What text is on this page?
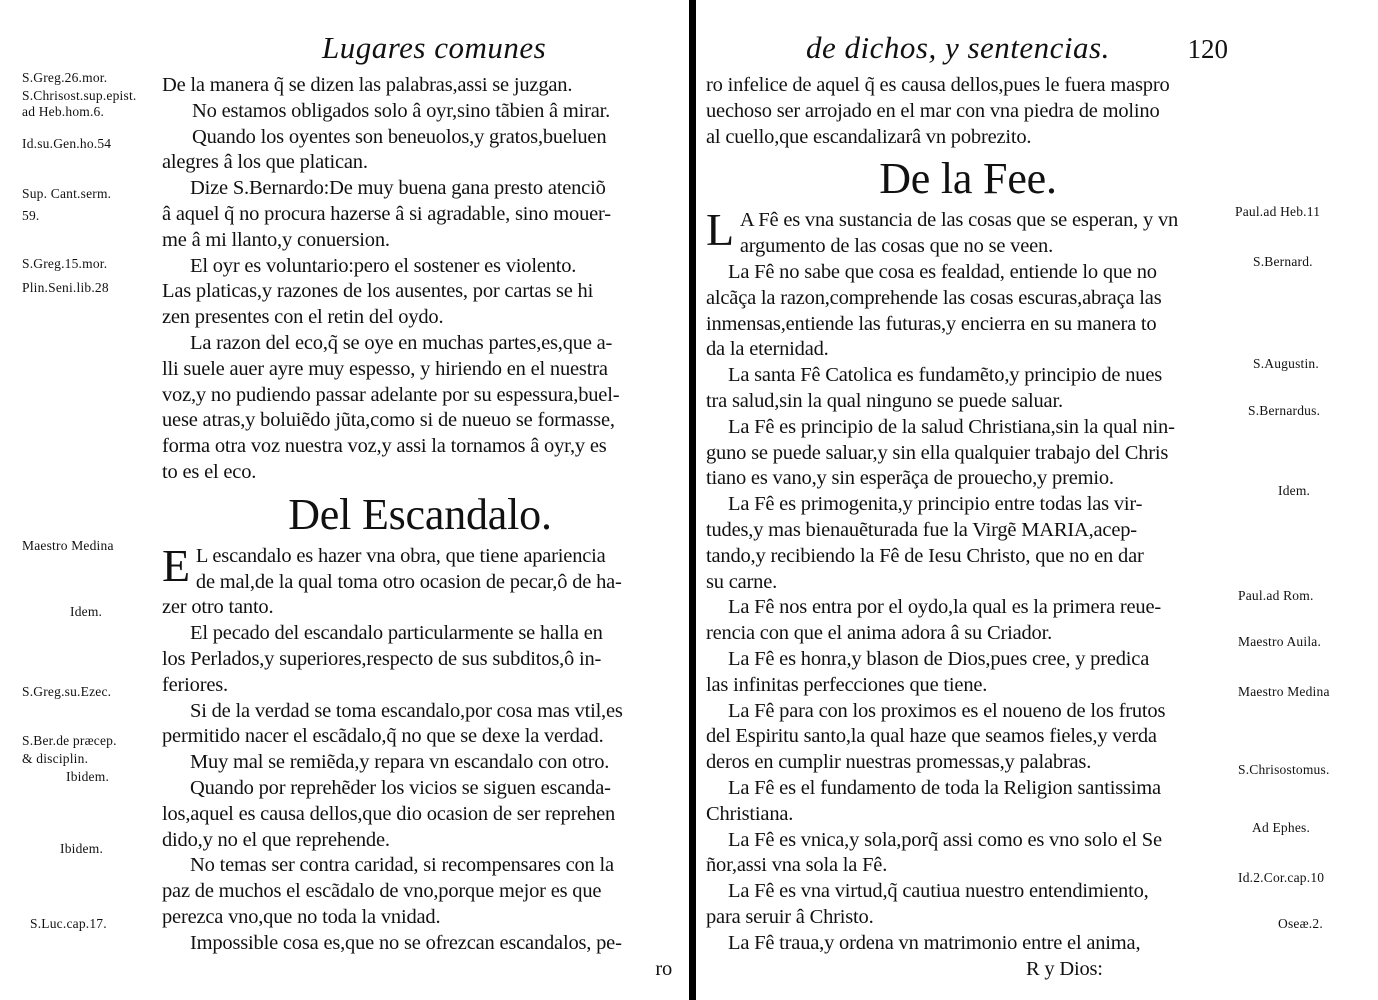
Lugares comunes
De la manera q̃ se dizen las palabras,assi se juzgan.
No estamos obligados solo â oyr,sino tãbien â mirar.
Quando los oyentes son beneuolos,y gratos,bueluen
alegres â los que platican.
Dize S.Bernardo:De muy buena gana presto atenciõ
â aquel q̃ no procura hazerse â si agradable, sino mouer-
me â mi llanto,y conuersion.
El oyr es voluntario:pero el sostener es violento.
Las platicas,y razones de los ausentes, por cartas se hi
zen presentes con el retin del oydo.
La razon del eco,q̃ se oye en muchas partes,es,que a-
lli suele auer ayre muy espesso, y hiriendo en el nuestra
voz,y no pudiendo passar adelante por su espessura,buel-
uese atras,y boluiẽdo jũta,como si de nueuo se formasse,
forma otra voz nuestra voz,y assi la tornamos â oyr,y es
to es el eco.
Del Escandalo.
E L escandalo es hazer vna obra, que tiene apariencia
de mal,de la qual toma otro ocasion de pecar,ô de ha-
zer otro tanto.
El pecado del escandalo particularmente se halla en
los Perlados,y superiores,respecto de sus subditos,ô in-
feriores.
Si de la verdad se toma escandalo,por cosa mas vtil,es
permitido nacer el escãdalo,q̃ no que se dexe la verdad.
Muy mal se remiẽda,y repara vn escandalo con otro.
Quando por reprehẽder los vicios se siguen escanda-
los,aquel es causa dellos,que dio ocasion de ser reprehen
dido,y no el que reprehende.
No temas ser contra caridad, si recompensares con la
paz de muchos el escãdalo de vno,porque mejor es que
perezca vno,que no toda la vnidad.
Impossible cosa es,que no se ofrezcan escandalos, pe-
ro
S.Greg.26.mor.
S.Chrisost.sup.epist.
ad Heb.hom.6.
Id.su.Gen.ho.54
Sup. Cant.serm.
59.
S.Greg.15.mor.
Plin.Seni.lib.28
Maestro Medina
Idem.
S.Greg.su.Ezec.
S.Ber.de præcep.
& disciplin.
Ibidem.
Ibidem.
S.Luc.cap.17.
de dichos, y sentencias.	120
ro infelice de aquel q̃ es causa dellos,pues le fuera maspro
uechoso ser arrojado en el mar con vna piedra de molino
al cuello,que escandalizarâ vn pobrezito.
De la Fee.
L A Fê es vna sustancia de las cosas que se esperan, y vn
argumento de las cosas que no se veen.
La Fê no sabe que cosa es fealdad, entiende lo que no
alcãça la razon,comprehende las cosas escuras,abraça las
inmensas,entiende las futuras,y encierra en su manera to
da la eternidad.
La santa Fê Catolica es fundamẽto,y principio de nues
tra salud,sin la qual ninguno se puede saluar.
La Fê es principio de la salud Christiana,sin la qual nin-
guno se puede saluar,y sin ella qualquier trabajo del Chris
tiano es vano,y sin esperãça de prouecho,y premio.
La Fê es primogenita,y principio entre todas las vir-
tudes,y mas bienauẽturada fue la Virgẽ MARIA,acep-
tando,y recibiendo la Fê de Iesu Christo, que no en dar
su carne.
La Fê nos entra por el oydo,la qual es la primera reue-
rencia con que el anima adora â su Criador.
La Fê es honra,y blason de Dios,pues cree, y predica
las infinitas perfecciones que tiene.
La Fê para con los proximos es el noueno de los frutos
del Espiritu santo,la qual haze que seamos fieles,y verda
deros en cumplir nuestras promessas,y palabras.
La Fê es el fundamento de toda la Religion santissima
Christiana.
La Fê es vnica,y sola,porq̃ assi como es vno solo el Se
ñor,assi vna sola la Fê.
La Fê es vna virtud,q̃ cautiua nuestro entendimiento,
para seruir â Christo.
La Fê traua,y ordena vn matrimonio entre el anima,
R y Dios:
Paul.ad Heb.11
S.Bernard.
S.Augustin.
S.Bernardus.
Idem.
Paul.ad Rom.
Maestro Auila.
Maestro Medina
S.Chrisostomus.
Ad Ephes.
Id.2.Cor.cap.10
Oseæ.2.
